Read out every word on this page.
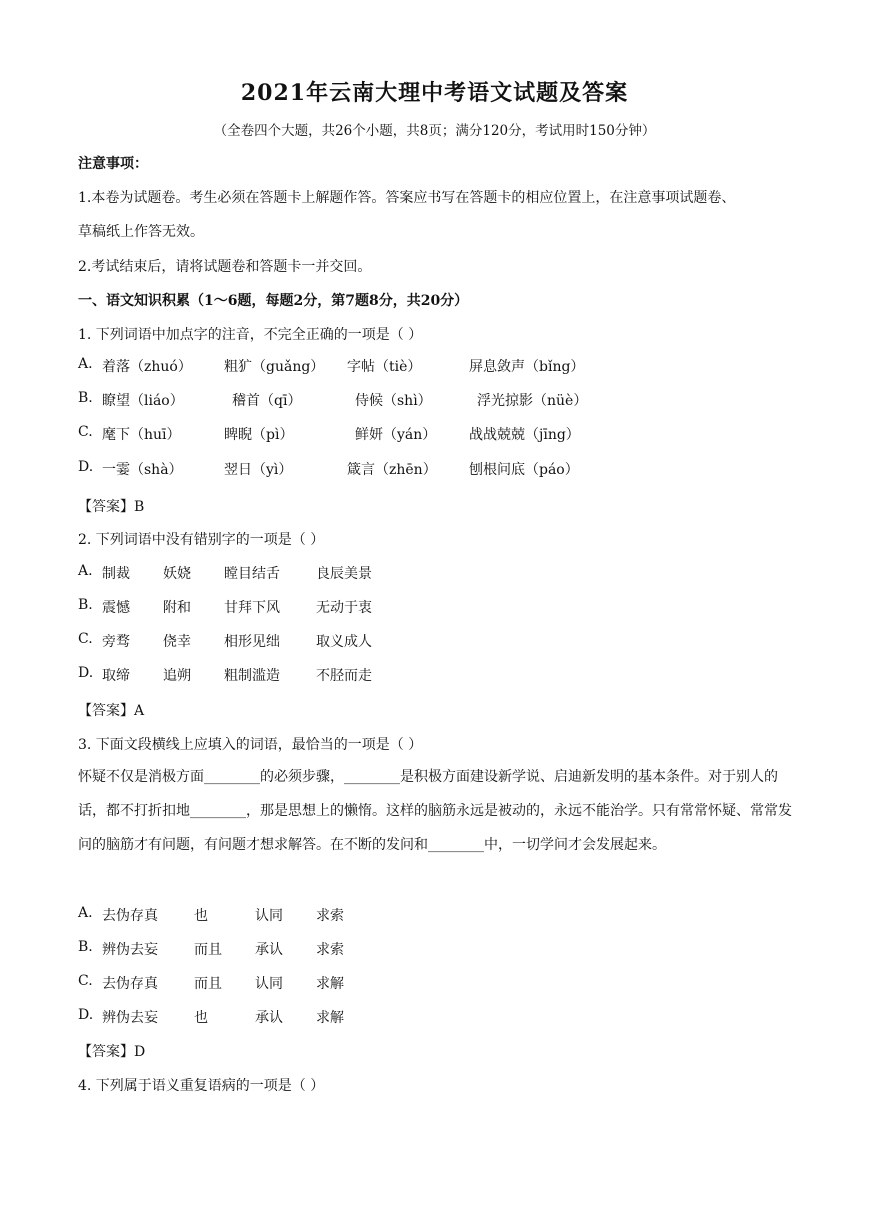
2021年云南大理中考语文试题及答案
（全卷四个大题，共26个小题，共8页；满分120分，考试用时150分钟）
注意事项：
1.本卷为试题卷。考生必须在答题卡上解题作答。答案应书写在答题卡的相应位置上，在注意事项试题卷、
草稿纸上作答无效。
2.考试结束后，请将试题卷和答题卡一并交回。
一、语文知识积累（1～6题，每题2分，第7题8分，共20分）
1. 下列词语中加点字的注音，不完全正确的一项是（ ）
A. 着落（zhuó） 粗犷（guǎng） 字帖（tiè）	屏息敛声（bǐng）
B. 瞭望（liáo）	稽首（qī）	侍候（shì）	浮光掠影（nüè）
C. 麾下（huī）	睥睨（pì）	鲜妍（yán） 战战兢兢（jīng）
D. 一霎（shà）	翌日（yì）	箴言（zhēn） 刨根问底（páo）
【答案】B
2. 下列词语中没有错别字的一项是（ ）
A. 制裁 妖娆 瞠目结舌	良辰美景
B. 震憾 附和 甘拜下风	无动于衷
C. 旁骛 侥幸 相形见绌	取义成人
D. 取缔 追朔 粗制滥造	不胫而走
【答案】A
3. 下面文段横线上应填入的词语，最恰当的一项是（ ）
怀疑不仅是消极方面________的必须步骤，________是积极方面建设新学说、启迪新发明的基本条件。对于别人的话，都不打折扣地________，那是思想上的懒惰。这样的脑筋永远是被动的，永远不能治学。只有常常怀疑、常常发问的脑筋才有问题，有问题才想求解答。在不断的发问和________中，一切学问才会发展起来。
A. 去伪存真	也	认同 求索
B. 辨伪去妄	而且 承认 求索
C. 去伪存真	而且 认同 求解
D. 辨伪去妄	也	承认 求解
【答案】D
4. 下列属于语义重复语病的一项是（ ）
